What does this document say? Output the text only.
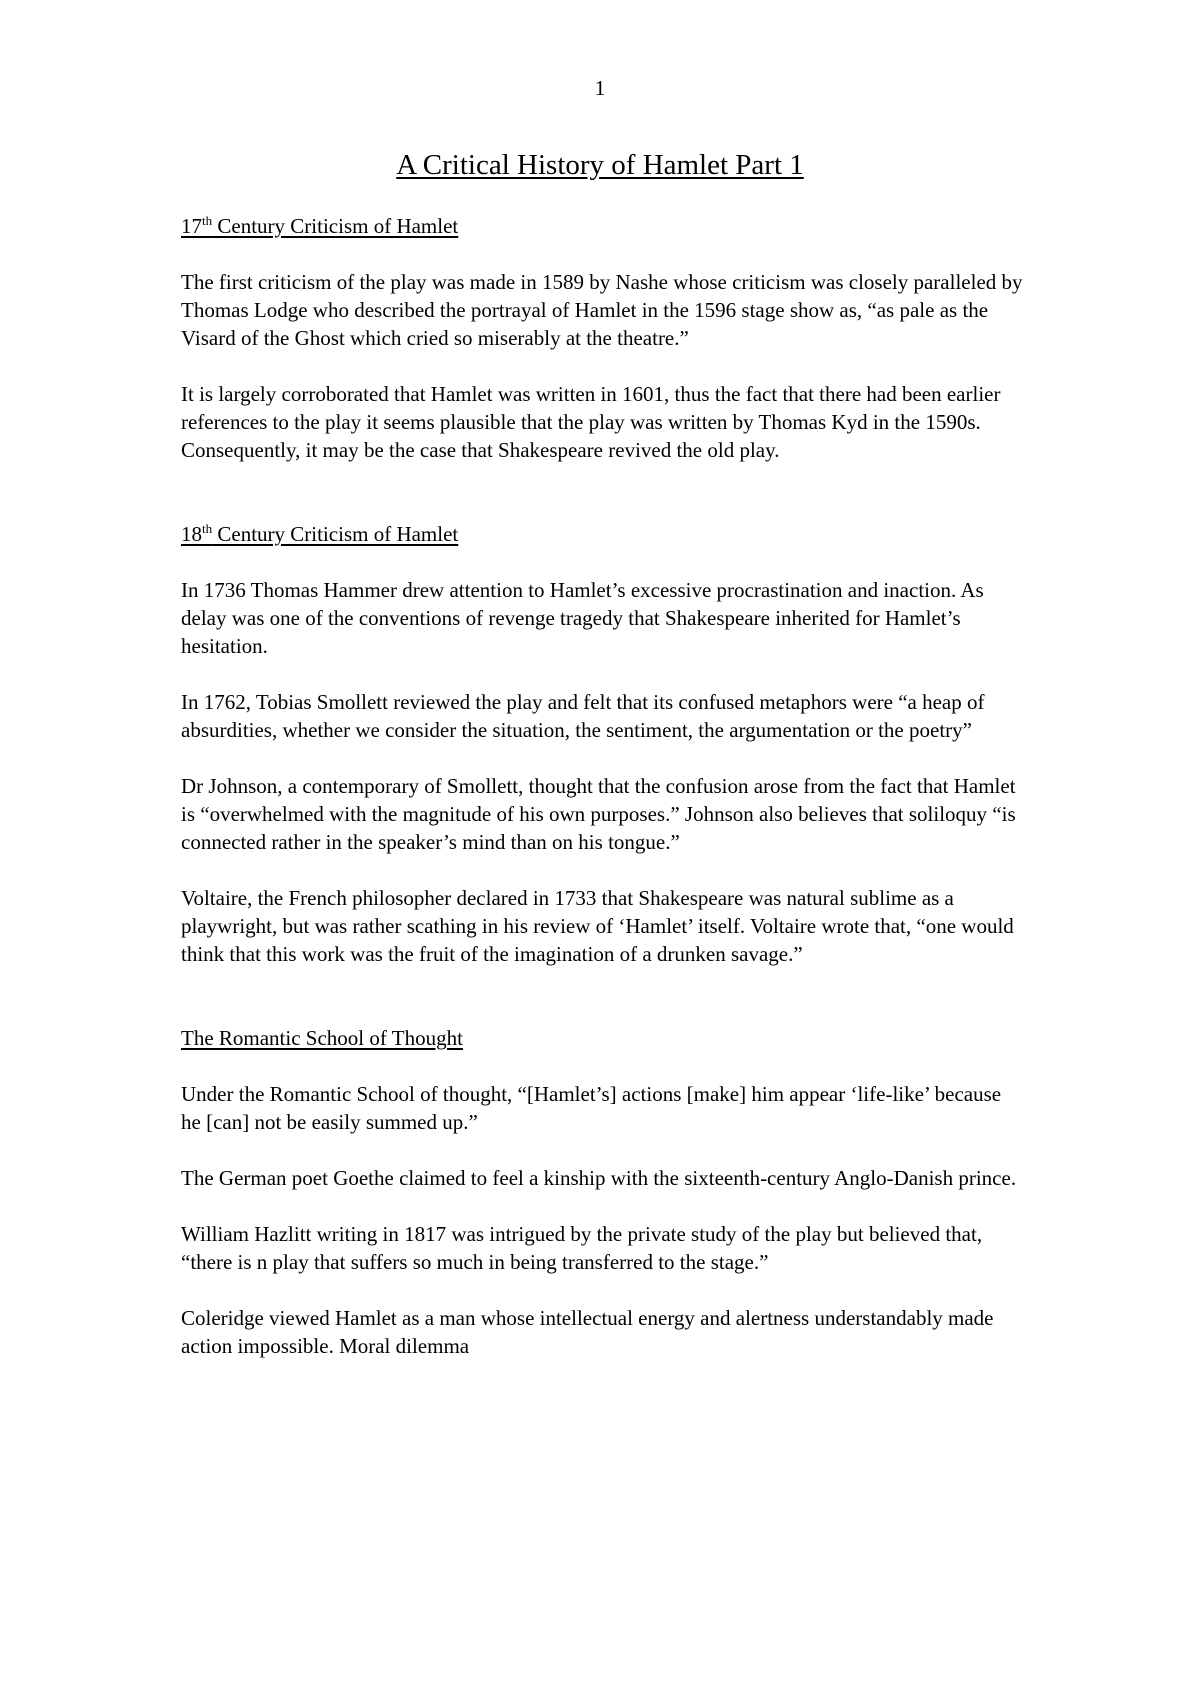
1
A Critical History of Hamlet Part 1

17th Century Criticism of Hamlet

The first criticism of the play was made in 1589 by Nashe whose criticism was closely paralleled by Thomas Lodge who described the portrayal of Hamlet in the 1596 stage show as, “as pale as the Visard of the Ghost which cried so miserably at the theatre.”

It is largely corroborated that Hamlet was written in 1601, thus the fact that there had been earlier references to the play it seems plausible that the play was written by Thomas Kyd in the 1590s. Consequently, it may be the case that Shakespeare revived the old play.

18th Century Criticism of Hamlet

In 1736 Thomas Hammer drew attention to Hamlet’s excessive procrastination and inaction. As delay was one of the conventions of revenge tragedy that Shakespeare inherited for Hamlet’s hesitation.

In 1762, Tobias Smollett reviewed the play and felt that its confused metaphors were “a heap of absurdities, whether we consider the situation, the sentiment, the argumentation or the poetry”

Dr Johnson, a contemporary of Smollett, thought that the confusion arose from the fact that Hamlet is “overwhelmed with the magnitude of his own purposes.” Johnson also believes that soliloquy “is connected rather in the speaker’s mind than on his tongue.”

Voltaire, the French philosopher declared in 1733 that Shakespeare was natural sublime as a playwright, but was rather scathing in his review of ‘Hamlet’ itself. Voltaire wrote that, “one would think that this work was the fruit of the imagination of a drunken savage.”

The Romantic School of Thought

Under the Romantic School of thought, “[Hamlet’s] actions [make] him appear ‘life-like’ because he [can] not be easily summed up.”

The German poet Goethe claimed to feel a kinship with the sixteenth-century Anglo-Danish prince.

William Hazlitt writing in 1817 was intrigued by the private study of the play but believed that, “there is n play that suffers so much in being transferred to the stage.”

Coleridge viewed Hamlet as a man whose intellectual energy and alertness understandably made action impossible. Moral dilemma
